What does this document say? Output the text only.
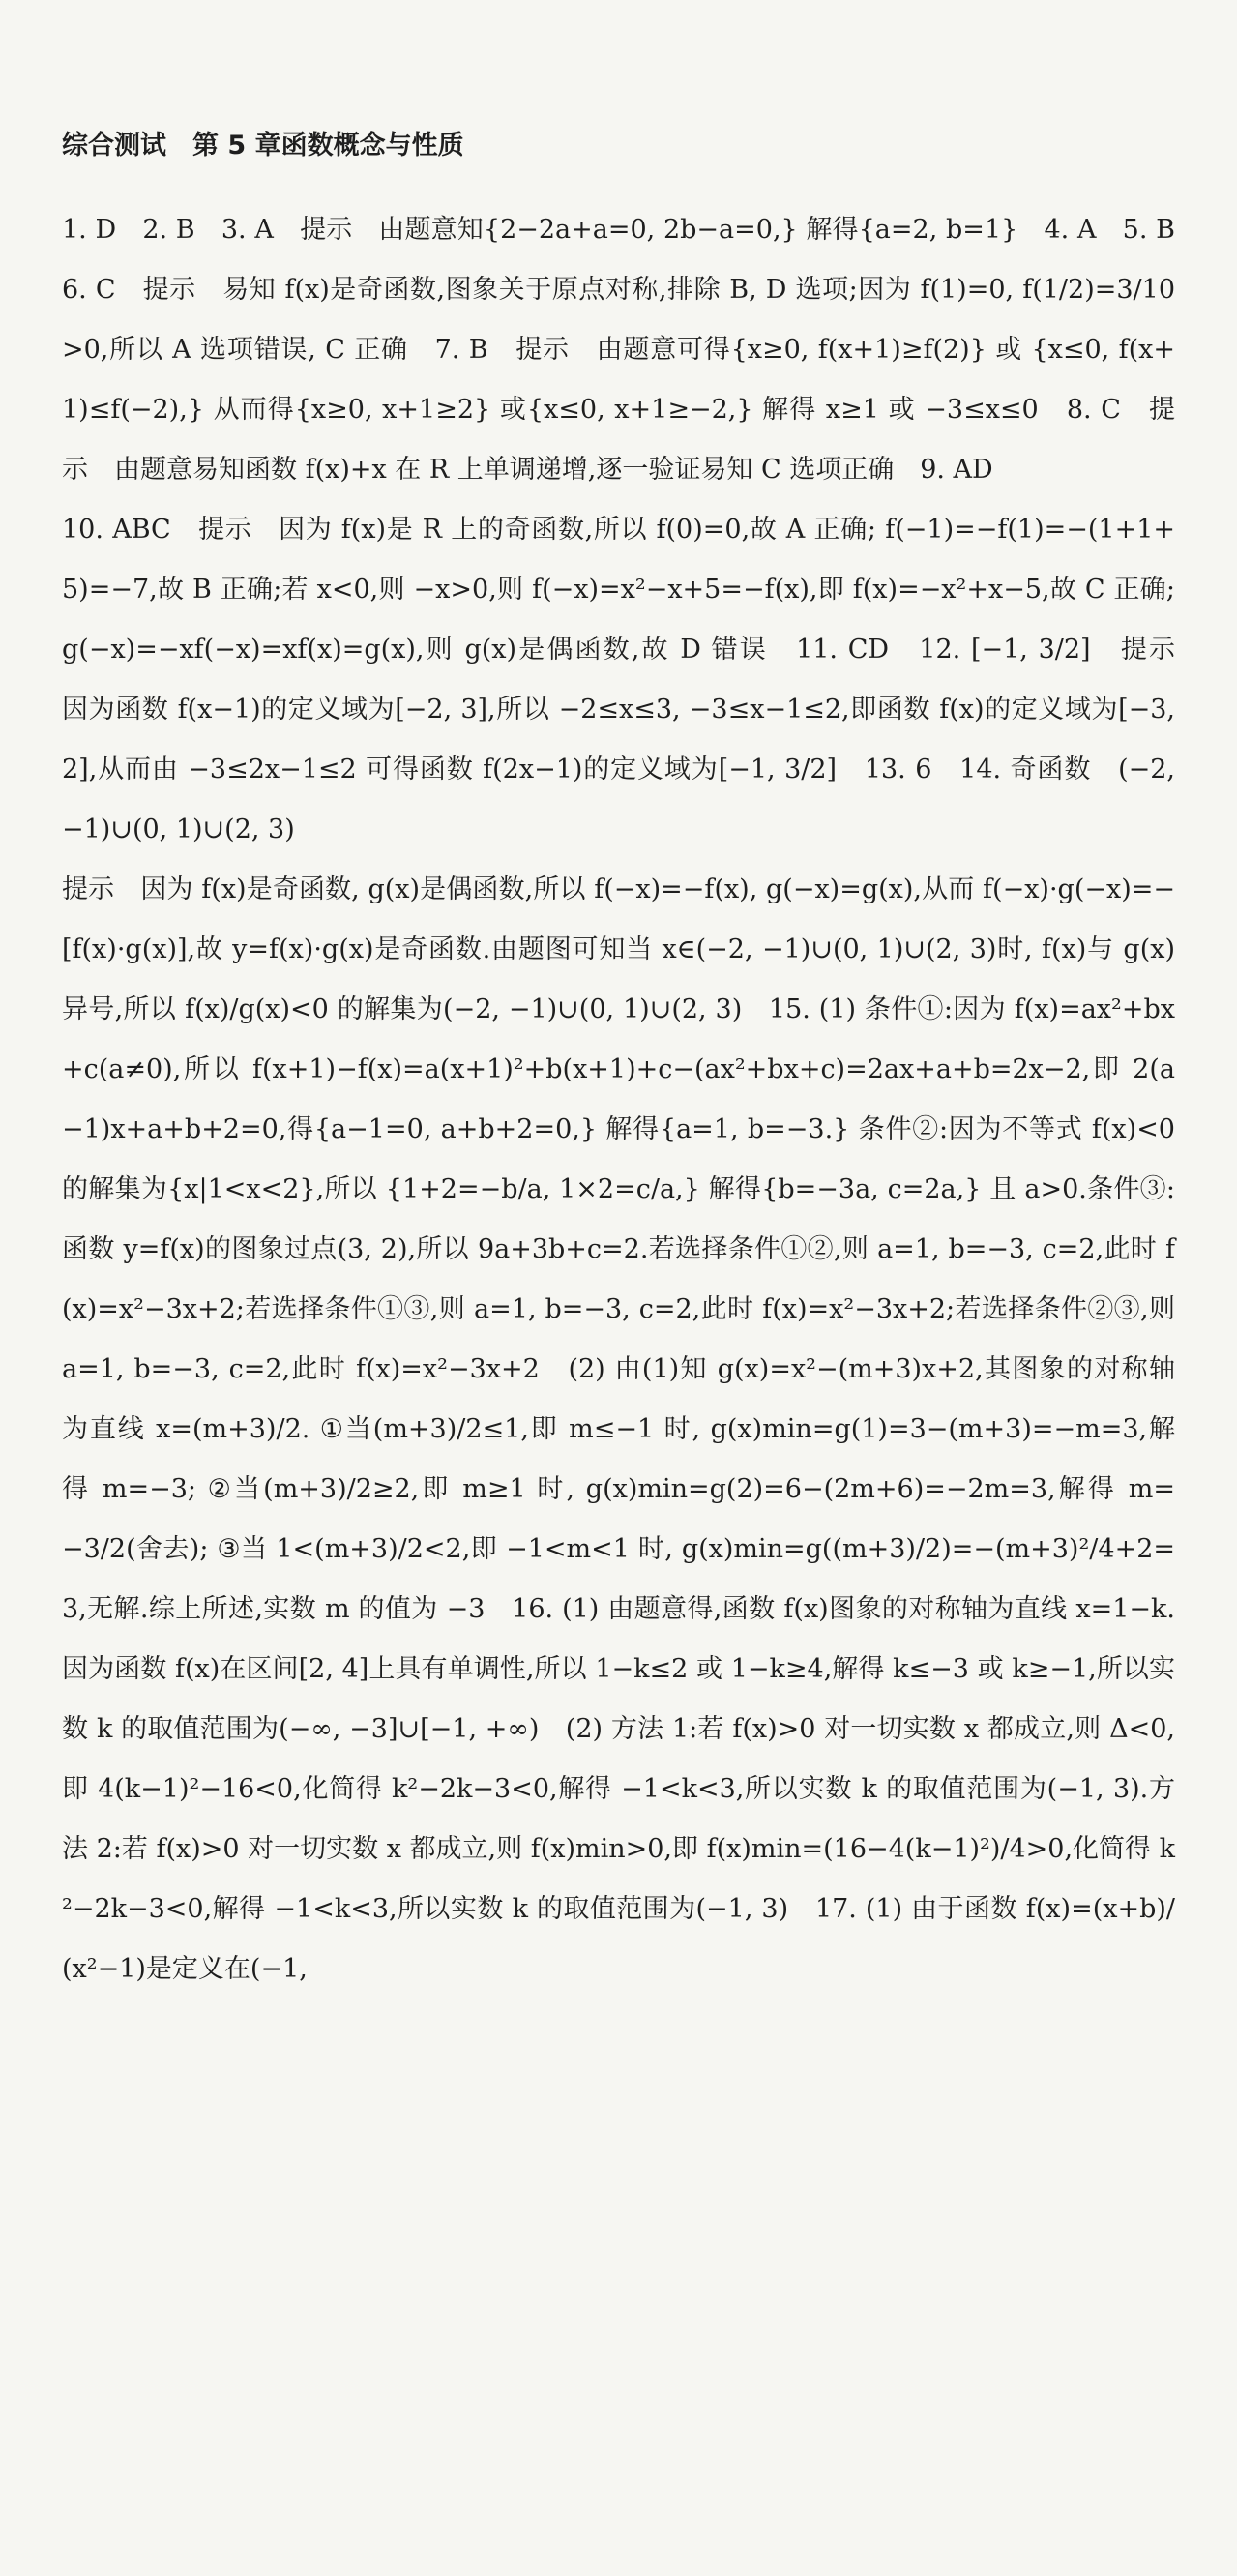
综合测试　第 5 章函数概念与性质

1. D　2. B　3. A　提示　由题意知{2−2a+a=0, 2b−a=0,} 解得{a=2, b=1}　4. A　5. B　6. C　提示　易知 f(x)是奇函数,图象关于原点对称,排除 B, D 选项;因为 f(1)=0, f(1/2)=3/10>0,所以 A 选项错误, C 正确　7. B　提示　由题意可得{x≥0, f(x+1)≥f(2)} 或 {x≤0, f(x+1)≤f(−2),} 从而得{x≥0, x+1≥2} 或{x≤0, x+1≥−2,} 解得 x≥1 或 −3≤x≤0　8. C　提示　由题意易知函数 f(x)+x 在 R 上单调递增,逐一验证易知 C 选项正确　9. AD

10. ABC　提示　因为 f(x)是 R 上的奇函数,所以 f(0)=0,故 A 正确; f(−1)=−f(1)=−(1+1+5)=−7,故 B 正确;若 x<0,则 −x>0,则 f(−x)=x²−x+5=−f(x),即 f(x)=−x²+x−5,故 C 正确; g(−x)=−xf(−x)=xf(x)=g(x),则 g(x)是偶函数,故 D 错误　11. CD　12. [−1, 3/2]　提示　因为函数 f(x−1)的定义域为[−2, 3],所以 −2≤x≤3, −3≤x−1≤2,即函数 f(x)的定义域为[−3, 2],从而由 −3≤2x−1≤2 可得函数 f(2x−1)的定义域为[−1, 3/2]　13. 6　14. 奇函数　(−2, −1)∪(0, 1)∪(2, 3)

提示　因为 f(x)是奇函数, g(x)是偶函数,所以 f(−x)=−f(x), g(−x)=g(x),从而 f(−x)·g(−x)=−[f(x)·g(x)],故 y=f(x)·g(x)是奇函数.由题图可知当 x∈(−2, −1)∪(0, 1)∪(2, 3)时, f(x)与 g(x)异号,所以 f(x)/g(x)<0 的解集为(−2, −1)∪(0, 1)∪(2, 3)　15. (1) 条件①:因为 f(x)=ax²+bx+c(a≠0),所以 f(x+1)−f(x)=a(x+1)²+b(x+1)+c−(ax²+bx+c)=2ax+a+b=2x−2,即 2(a−1)x+a+b+2=0,得{a−1=0, a+b+2=0,} 解得{a=1, b=−3.} 条件②:因为不等式 f(x)<0 的解集为{x|1<x<2},所以 {1+2=−b/a, 1×2=c/a,} 解得{b=−3a, c=2a,} 且 a>0.条件③:函数 y=f(x)的图象过点(3, 2),所以 9a+3b+c=2.若选择条件①②,则 a=1, b=−3, c=2,此时 f(x)=x²−3x+2;若选择条件①③,则 a=1, b=−3, c=2,此时 f(x)=x²−3x+2;若选择条件②③,则 a=1, b=−3, c=2,此时 f(x)=x²−3x+2　(2) 由(1)知 g(x)=x²−(m+3)x+2,其图象的对称轴为直线 x=(m+3)/2. ①当(m+3)/2≤1,即 m≤−1 时, g(x)min=g(1)=3−(m+3)=−m=3,解得 m=−3; ②当(m+3)/2≥2,即 m≥1 时, g(x)min=g(2)=6−(2m+6)=−2m=3,解得 m=−3/2(舍去); ③当 1<(m+3)/2<2,即 −1<m<1 时, g(x)min=g((m+3)/2)=−(m+3)²/4+2=3,无解.综上所述,实数 m 的值为 −3　16. (1) 由题意得,函数 f(x)图象的对称轴为直线 x=1−k.因为函数 f(x)在区间[2, 4]上具有单调性,所以 1−k≤2 或 1−k≥4,解得 k≤−3 或 k≥−1,所以实数 k 的取值范围为(−∞, −3]∪[−1, +∞)　(2) 方法 1:若 f(x)>0 对一切实数 x 都成立,则 Δ<0,即 4(k−1)²−16<0,化简得 k²−2k−3<0,解得 −1<k<3,所以实数 k 的取值范围为(−1, 3).方法 2:若 f(x)>0 对一切实数 x 都成立,则 f(x)min>0,即 f(x)min=(16−4(k−1)²)/4>0,化简得 k²−2k−3<0,解得 −1<k<3,所以实数 k 的取值范围为(−1, 3)　17. (1) 由于函数 f(x)=(x+b)/(x²−1)是定义在(−1,
